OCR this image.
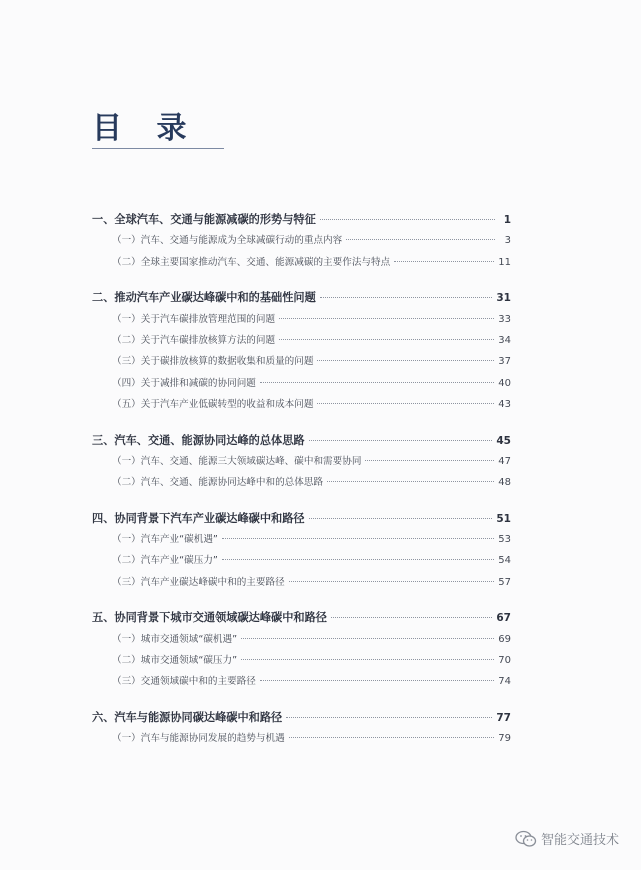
目 录
一、全球汽车、交通与能源减碳的形势与特征	1
（一）汽车、交通与能源成为全球减碳行动的重点内容	3
（二）全球主要国家推动汽车、交通、能源减碳的主要作法与特点	11
二、推动汽车产业碳达峰碳中和的基础性问题	31
（一）关于汽车碳排放管理范围的问题	33
（二）关于汽车碳排放核算方法的问题	34
（三）关于碳排放核算的数据收集和质量的问题	37
（四）关于减排和减碳的协同问题	40
（五）关于汽车产业低碳转型的收益和成本问题	43
三、汽车、交通、能源协同达峰的总体思路	45
（一）汽车、交通、能源三大领域碳达峰、碳中和需要协同	47
（二）汽车、交通、能源协同达峰中和的总体思路	48
四、协同背景下汽车产业碳达峰碳中和路径	51
（一）汽车产业“碳机遇”	53
（二）汽车产业“碳压力”	54
（三）汽车产业碳达峰碳中和的主要路径	57
五、协同背景下城市交通领域碳达峰碳中和路径	67
（一）城市交通领域“碳机遇”	69
（二）城市交通领域“碳压力”	70
（三）交通领域碳中和的主要路径	74
六、汽车与能源协同碳达峰碳中和路径	77
（一）汽车与能源协同发展的趋势与机遇	79
智能交通技术
